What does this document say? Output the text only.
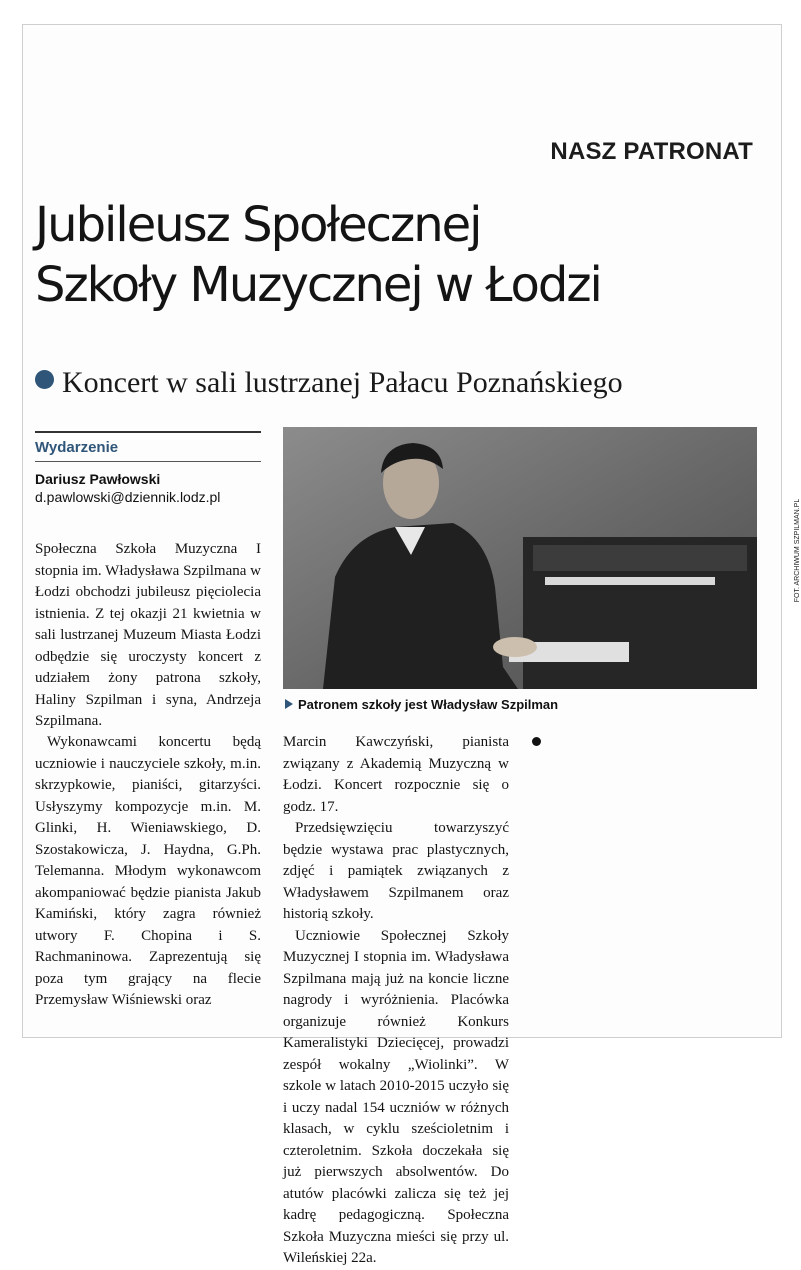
NASZ PATRONAT
Jubileusz Społecznej
Szkoły Muzycznej w Łodzi

Koncert w sali lustrzanej Pałacu Poznańskiego

Wydarzenie
Dariusz Pawłowski
d.pawlowski@dziennik.lodz.pl
FOT. ARCHIWUM SZPILMAN.PL
Patronem szkoły jest Władysław Szpilman

Społeczna Szkoła Muzyczna I stopnia im. Władysława Szpilmana w Łodzi obchodzi jubileusz pięciolecia istnienia. Z tej okazji 21 kwietnia w sali lustrzanej Muzeum Miasta Łodzi odbędzie się uroczysty koncert z udziałem żony patrona szkoły, Haliny Szpilman i syna, Andrzeja Szpilmana.

Wykonawcami koncertu będą uczniowie i nauczyciele szkoły, m.in. skrzypkowie, pianiści, gitarzyści. Usłyszymy kompozycje m.in. M. Glinki, H. Wieniawskiego, D. Szostakowicza, J. Haydna, G.Ph. Telemanna. Młodym wykonawcom akompaniować będzie pianista Jakub Kamiński, który zagra również utwory F. Chopina i S. Rachmaninowa. Zaprezentują się poza tym grający na flecie Przemysław Wiśniewski oraz

Marcin Kawczyński, pianista związany z Akademią Muzyczną w Łodzi. Koncert rozpocznie się o godz. 17.

Przedsięwzięciu towarzyszyć będzie wystawa prac plastycznych, zdjęć i pamiątek związanych z Władysławem Szpilmanem oraz historią szkoły.

Uczniowie Społecznej Szkoły Muzycznej I stopnia im. Władysława Szpilmana mają już na koncie liczne nagrody i wyróżnienia. Placówka organizuje również Konkurs Kameralistyki Dziecięcej, prowadzi zespół wokalny „Wiolinki”. W szkole w latach 2010-2015 uczyło się i uczy nadal 154 uczniów w różnych klasach, w cyklu sześcioletnim i czteroletnim. Szkoła doczekała się już pierwszych absolwentów. Do atutów placówki zalicza się też jej kadrę pedagogiczną. Społeczna Szkoła Muzyczna mieści się przy ul. Wileńskiej 22a.
